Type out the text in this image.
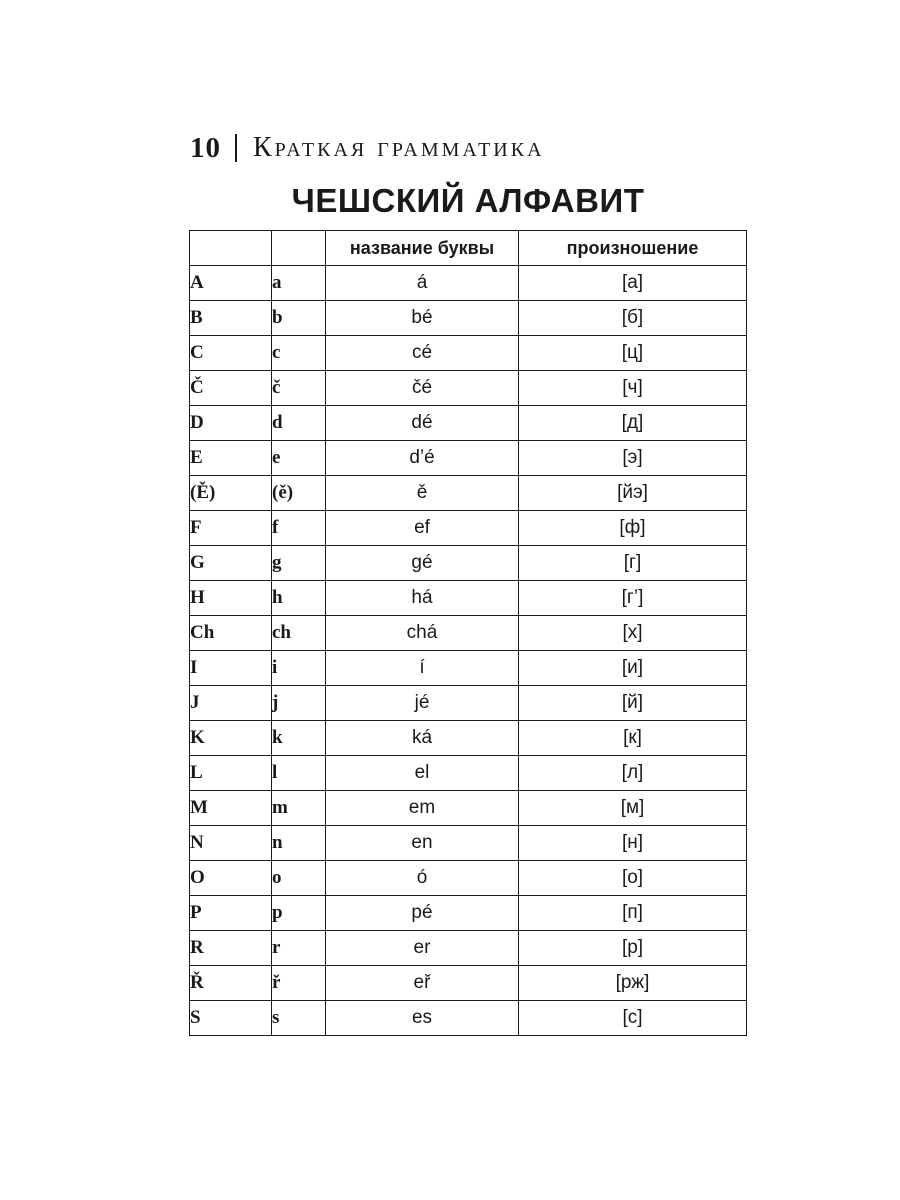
10 Краткая грамматика
ЧЕШСКИЙ АЛФАВИТ
		название буквы	произношение
A	a	á	[а]
B	b	bé	[б]
C	c	cé	[ц]
Č	č	čé	[ч]
D	d	dé	[д]
E	e	d’é	[э]
(Ě)	(ě)	ě	[йэ]
F	f	ef	[ф]
G	g	gé	[г]
H	h	há	[г’]
Ch	ch	chá	[х]
I	i	í	[и]
J	j	jé	[й]
K	k	ká	[к]
L	l	el	[л]
M	m	em	[м]
N	n	en	[н]
O	o	ó	[о]
P	p	pé	[п]
R	r	er	[р]
Ř	ř	eř	[рж]
S	s	es	[с]
